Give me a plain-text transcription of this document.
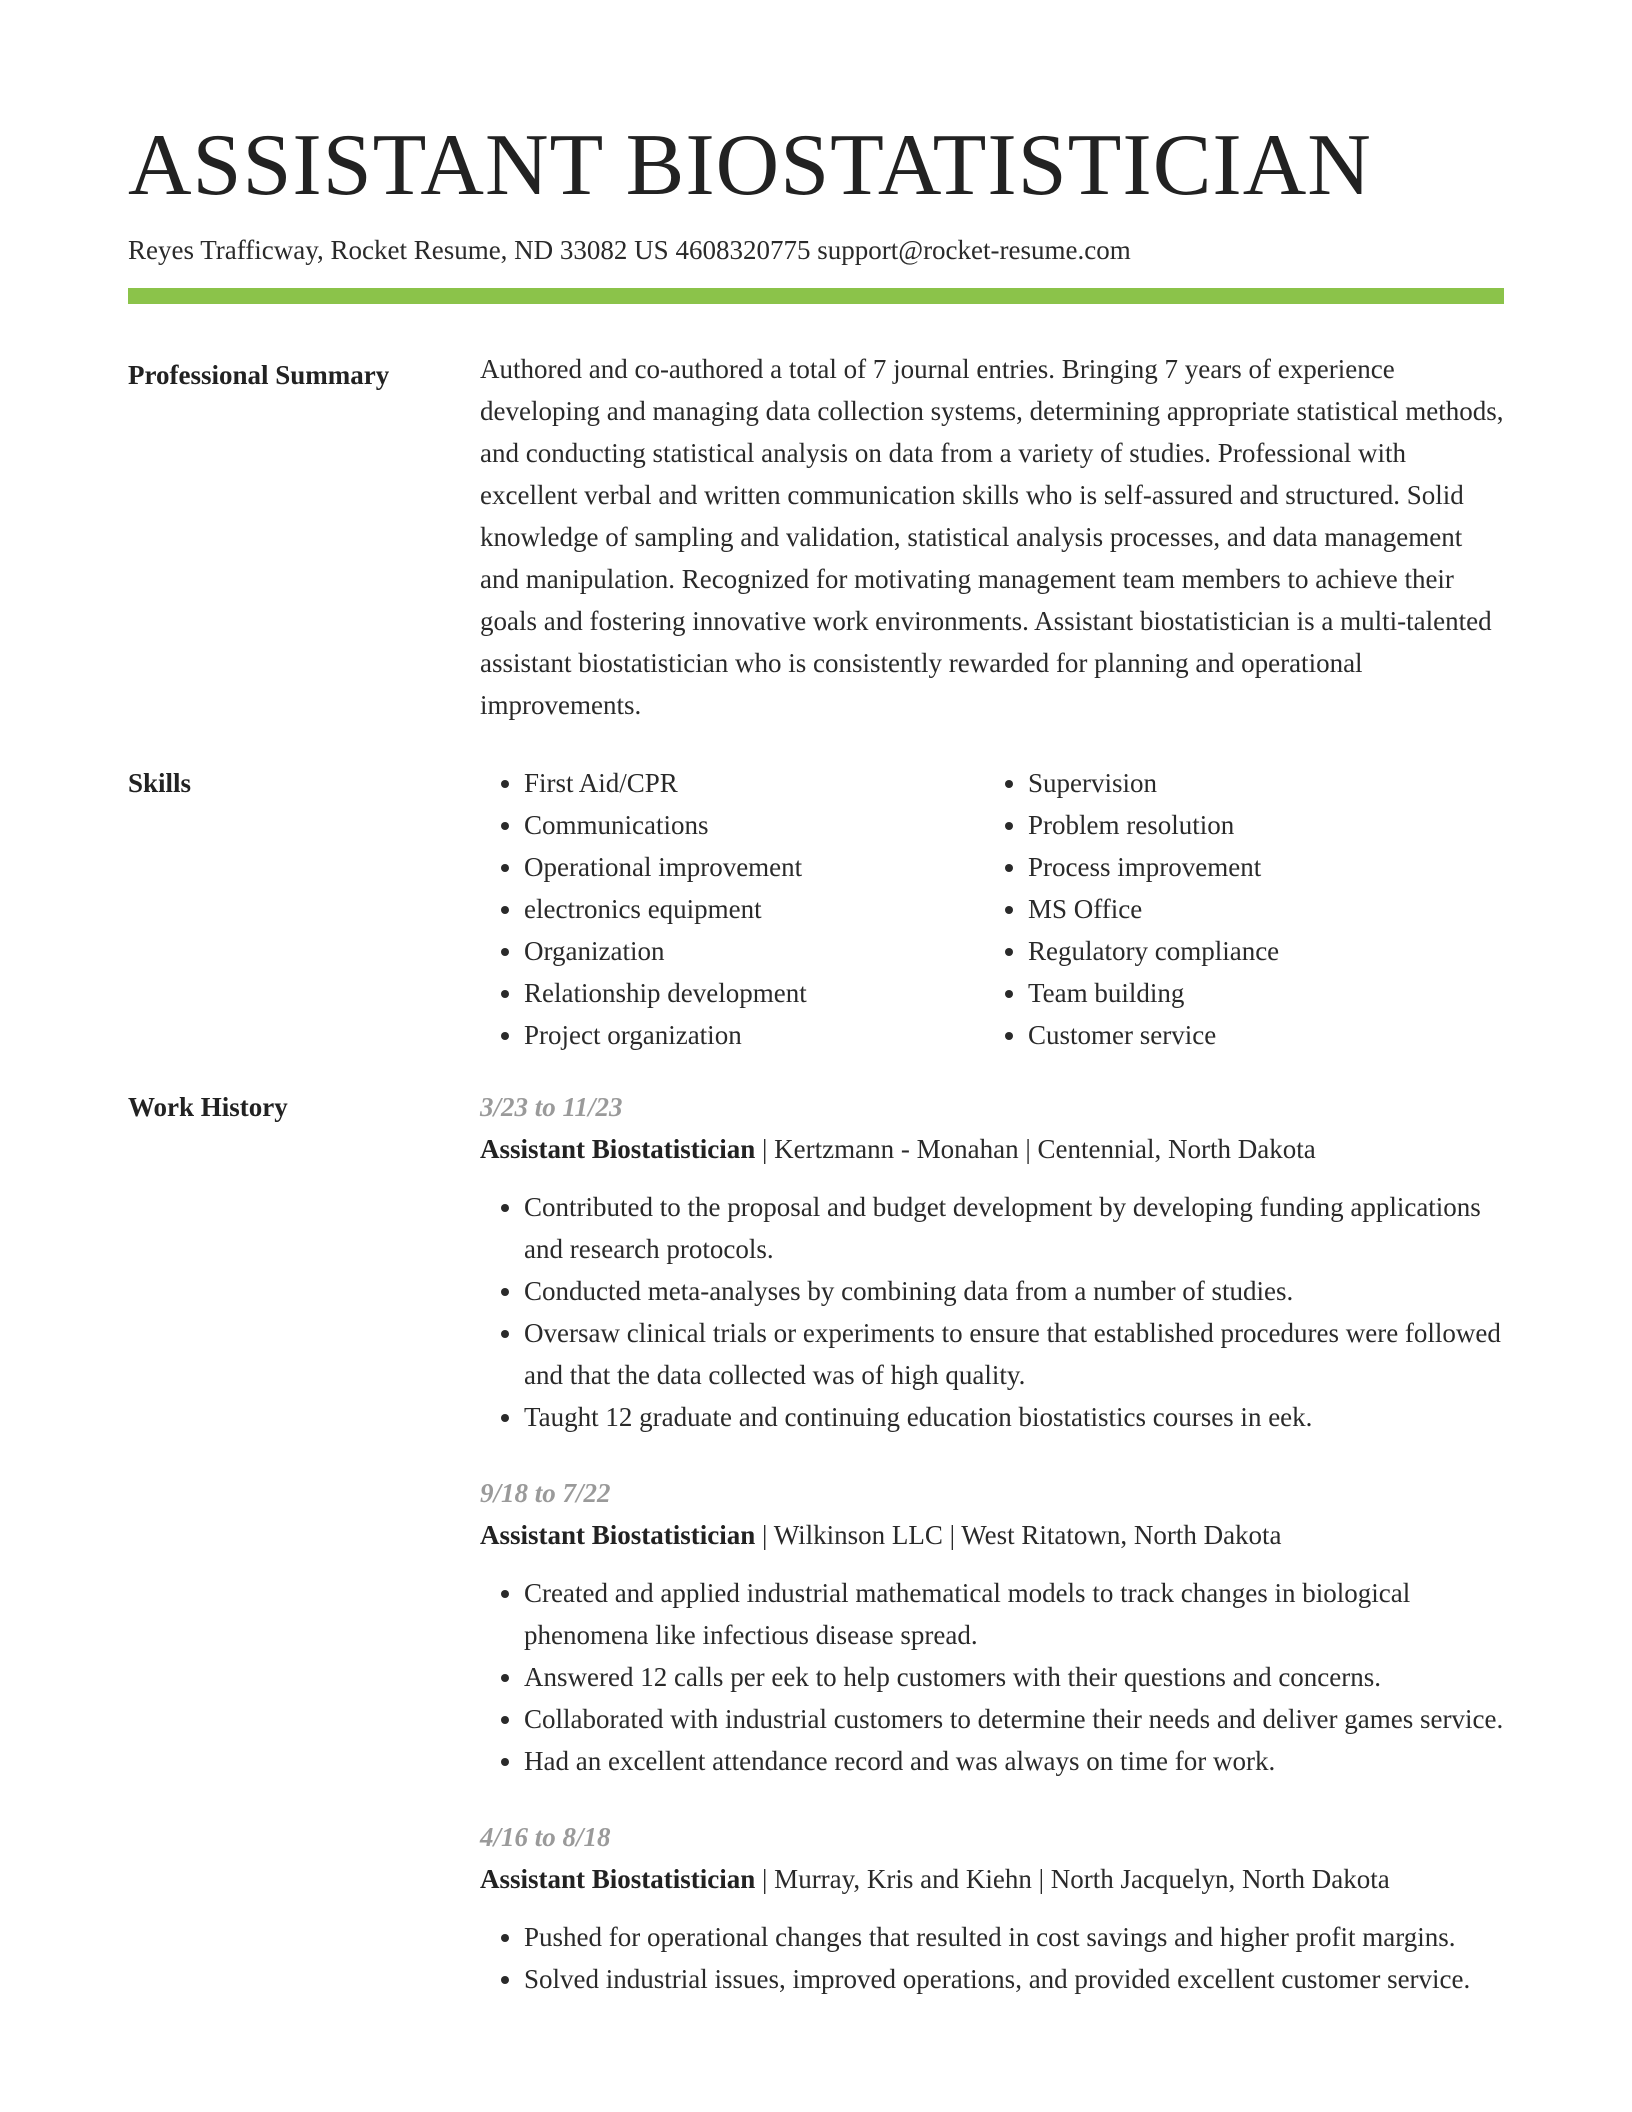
ASSISTANT BIOSTATISTICIAN
Reyes Trafficway, Rocket Resume, ND 33082 US 4608320775 support@rocket-resume.com
Professional Summary	Authored and co-authored a total of 7 journal entries. Bringing 7 years of experience developing and managing data collection systems, determining appropriate statistical methods, and conducting statistical analysis on data from a variety of studies. Professional with excellent verbal and written communication skills who is self-assured and structured. Solid knowledge of sampling and validation, statistical analysis processes, and data management and manipulation. Recognized for motivating management team members to achieve their goals and fostering innovative work environments. Assistant biostatistician is a multi-talented assistant biostatistician who is consistently rewarded for planning and operational improvements.

Skills
•	First Aid/CPR
• Communications
• Operational improvement
• electronics equipment
• Organization
• Relationship development
• Project organization
• Supervision
• Problem resolution
• Process improvement
• MS Office
• Regulatory compliance
• Team building
• Customer service
Work History	3/23 to 11/23
Assistant Biostatistician | Kertzmann - Monahan | Centennial, North Dakota
• Contributed to the proposal and budget development by developing funding applications and research protocols.
• Conducted meta-analyses by combining data from a number of studies.
• Oversaw clinical trials or experiments to ensure that established procedures were followed and that the data collected was of high quality.
• Taught 12 graduate and continuing education biostatistics courses in eek.
9/18 to 7/22
Assistant Biostatistician | Wilkinson LLC | West Ritatown, North Dakota
• Created and applied industrial mathematical models to track changes in biological phenomena like infectious disease spread.
• Answered 12 calls per eek to help customers with their questions and concerns.
• Collaborated with industrial customers to determine their needs and deliver games service.
• Had an excellent attendance record and was always on time for work.
4/16 to 8/18
Assistant Biostatistician | Murray, Kris and Kiehn | North Jacquelyn, North Dakota
• Pushed for operational changes that resulted in cost savings and higher profit margins.
• Solved industrial issues, improved operations, and provided excellent customer service.
